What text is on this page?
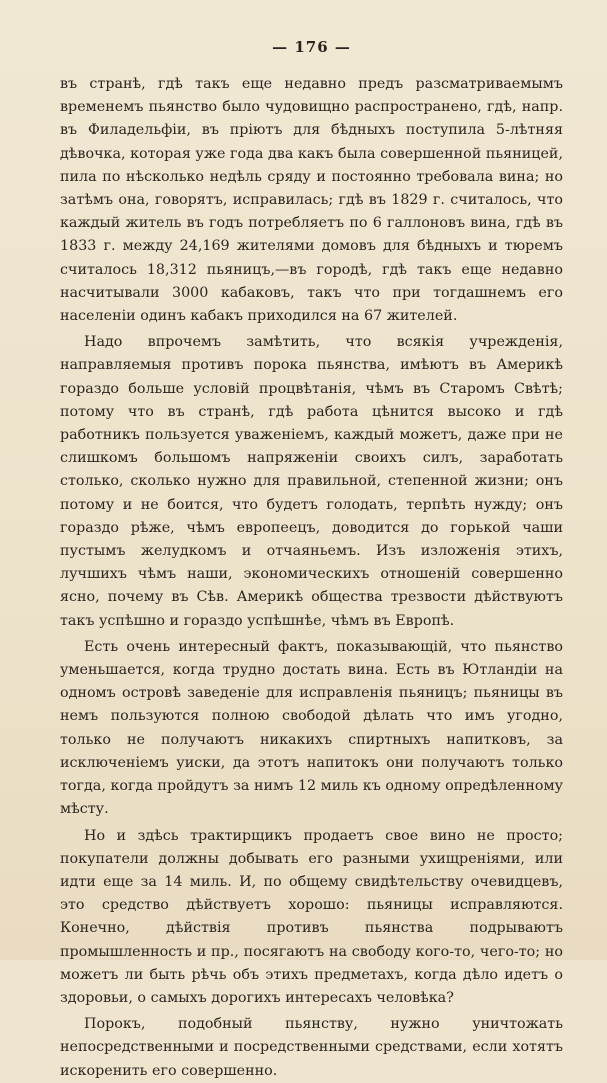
— 176 —

въ странѣ, гдѣ такъ еще недавно предъ разсматриваемымъ временемъ пьянство было чудовищно распространено, гдѣ, напр. въ Филадельфіи, въ пріютъ для бѣдныхъ поступила 5-лѣтняя дѣвочка, которая уже года два какъ была совершенной пьяницей, пила по нѣсколько недѣль сряду и постоянно требовала вина; но затѣмъ она, говорятъ, исправилась; гдѣ въ 1829 г. считалось, что каждый житель въ годъ потребляетъ по 6 галлоновъ вина, гдѣ въ 1833 г. между 24,169 жителями домовъ для бѣдныхъ и тюремъ считалось 18,312 пьяницъ,—въ городѣ, гдѣ такъ еще недавно насчитывали 3000 кабаковъ, такъ что при тогдашнемъ его населеніи одинъ кабакъ приходился на 67 жителей.

Надо впрочемъ замѣтить, что всякія учрежденія, направляемыя противъ порока пьянства, имѣютъ въ Америкѣ гораздо больше условій процвѣтанія, чѣмъ въ Старомъ Свѣтѣ; потому что въ странѣ, гдѣ работа цѣнится высоко и гдѣ работникъ пользуется уваженіемъ, каждый можетъ, даже при не слишкомъ большомъ напряженіи своихъ силъ, заработать столько, сколько нужно для правильной, степенной жизни; онъ потому и не боится, что будетъ голодать, терпѣть нужду; онъ гораздо рѣже, чѣмъ европеецъ, доводится до горькой чаши пустымъ желудкомъ и отчаяньемъ. Изъ изложенія этихъ, лучшихъ чѣмъ наши, экономическихъ отношеній совершенно ясно, почему въ Сѣв. Америкѣ общества трезвости дѣйствуютъ такъ успѣшно и гораздо успѣшнѣе, чѣмъ въ Европѣ.

Есть очень интересный фактъ, показывающій, что пьянство уменьшается, когда трудно достать вина. Есть въ Ютландіи на одномъ островѣ заведеніе для исправленія пьяницъ; пьяницы въ немъ пользуются полною свободой дѣлать что имъ угодно, только не получаютъ никакихъ спиртныхъ напитковъ, за исключеніемъ уиски, да этотъ напитокъ они получаютъ только тогда, когда пройдутъ за нимъ 12 миль къ одному опредѣленному мѣсту.

Но и здѣсь трактирщикъ продаетъ свое вино не просто; покупатели должны добывать его разными ухищреніями, или идти еще за 14 миль. И, по общему свидѣтельству очевидцевъ, это средство дѣйствуетъ хорошо: пьяницы исправляются. Конечно, дѣйствія противъ пьянства подрываютъ промышленность и пр., посягаютъ на свободу кого-то, чего-то; но можетъ ли быть рѣчь объ этихъ предметахъ, когда дѣло идетъ о здоровьи, о самыхъ дорогихъ интересахъ человѣка?

Порокъ, подобный пьянству, нужно уничтожать непосредственными и посредственными средствами, если хотятъ искоренить его совершенно.
